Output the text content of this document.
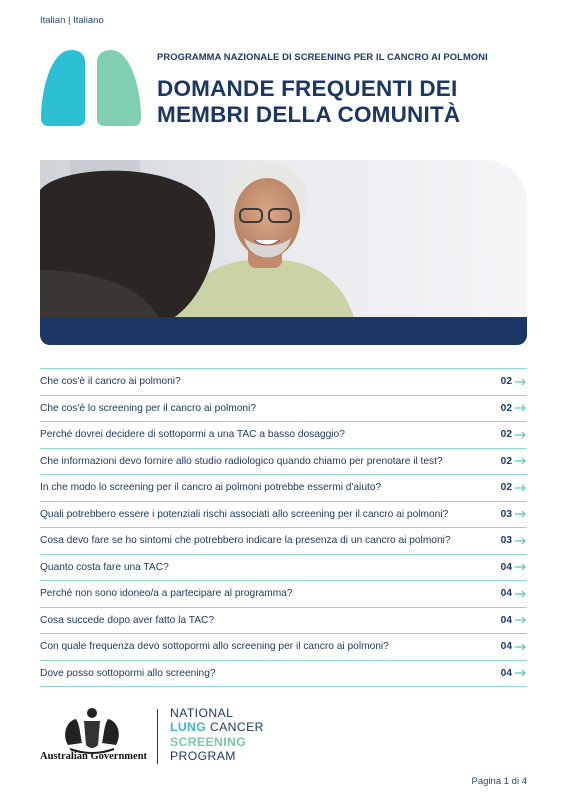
Italian | Italiano
PROGRAMMA NAZIONALE DI SCREENING PER IL CANCRO AI POLMONI
DOMANDE FREQUENTI DEI
MEMBRI DELLA COMUNITÀ
Che cos'è il cancro ai polmoni?	02
Che cos'è lo screening per il cancro ai polmoni?	02
Perché dovrei decidere di sottopormi a una TAC a basso dosaggio?	02
Che informazioni devo fornire allo studio radiologico quando chiamo per prenotare il test?	02
In che modo lo screening per il cancro ai polmoni potrebbe essermi d'aiuto?	02
Quali potrebbero essere i potenziali rischi associati allo screening per il cancro ai polmoni?	03
Cosa devo fare se ho sintomi che potrebbero indicare la presenza di un cancro ai polmoni?	03
Quanto costa fare una TAC?	04
Perché non sono idoneo/a a partecipare al programma?	04
Cosa succede dopo aver fatto la TAC?	04
Con quale frequenza devo sottopormi allo screening per il cancro ai polmoni?	04
Dove posso sottopormi allo screening?	04
Australian Government
NATIONAL
LUNG CANCER
SCREENING
PROGRAM
Pagina 1 di 4
